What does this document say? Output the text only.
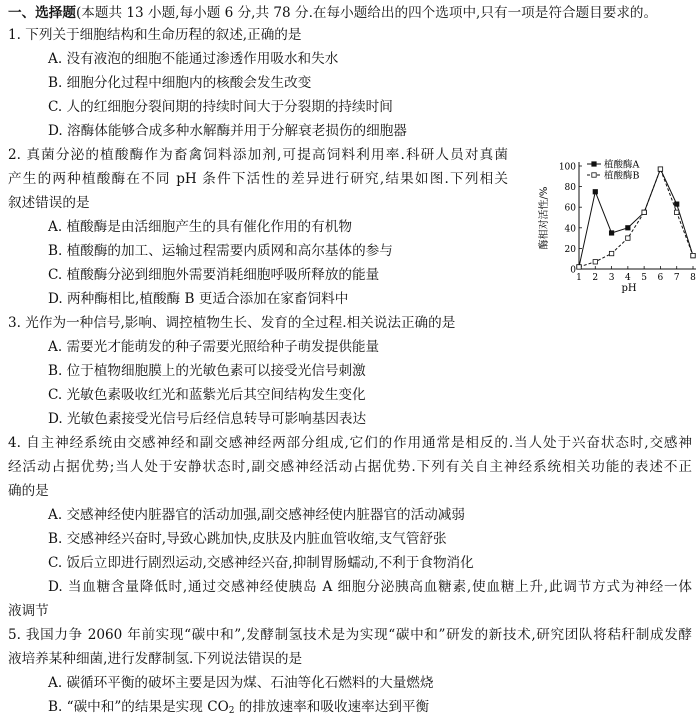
一、选择题(本题共 13 小题,每小题 6 分,共 78 分.在每小题给出的四个选项中,只有一项是符合题目要求的。
1. 下列关于细胞结构和生命历程的叙述,正确的是
A. 没有液泡的细胞不能通过渗透作用吸水和失水
B. 细胞分化过程中细胞内的核酸会发生改变
C. 人的红细胞分裂间期的持续时间大于分裂期的持续时间
D. 溶酶体能够合成多种水解酶并用于分解衰老损伤的细胞器
2. 真菌分泌的植酸酶作为畜禽饲料添加剂,可提高饲料利用率.科研人员对真菌
产生的两种植酸酶在不同 pH 条件下活性的差异进行研究,结果如图.下列相关
叙述错误的是
A. 植酸酶是由活细胞产生的具有催化作用的有机物
B. 植酸酶的加工、运输过程需要内质网和高尔基体的参与
C. 植酸酶分泌到细胞外需要消耗细胞呼吸所释放的能量
D. 两种酶相比,植酸酶 B 更适合添加在家畜饲料中
3. 光作为一种信号,影响、调控植物生长、发育的全过程.相关说法正确的是
A. 需要光才能萌发的种子需要光照给种子萌发提供能量
B. 位于植物细胞膜上的光敏色素可以接受光信号刺激
C. 光敏色素吸收红光和蓝紫光后其空间结构发生变化
D. 光敏色素接受光信号后经信息转导可影响基因表达
4. 自主神经系统由交感神经和副交感神经两部分组成,它们的作用通常是相反的.当人处于兴奋状态时,交感神
经活动占据优势;当人处于安静状态时,副交感神经活动占据优势.下列有关自主神经系统相关功能的表述不正
确的是
A. 交感神经使内脏器官的活动加强,副交感神经使内脏器官的活动减弱
B. 交感神经兴奋时,导致心跳加快,皮肤及内脏血管收缩,支气管舒张
C. 饭后立即进行剧烈运动,交感神经兴奋,抑制胃肠蠕动,不利于食物消化
D. 当血糖含量降低时,通过交感神经使胰岛 A 细胞分泌胰高血糖素,使血糖上升,此调节方式为神经一体
液调节
5. 我国力争 2060 年前实现“碳中和”,发酵制氢技术是为实现“碳中和”研发的新技术,研究团队将秸秆制成发酵
液培养某种细菌,进行发酵制氢.下列说法错误的是
A. 碳循环平衡的破坏主要是因为煤、石油等化石燃料的大量燃烧
B. “碳中和”的结果是实现 $CO_2$ 的排放速率和吸收速率达到平衡
0
20
40
60
80
100
1 2 3 4 5 6 7 8
植酸酶A
植酸酶B
酶相对活性/%
pH
